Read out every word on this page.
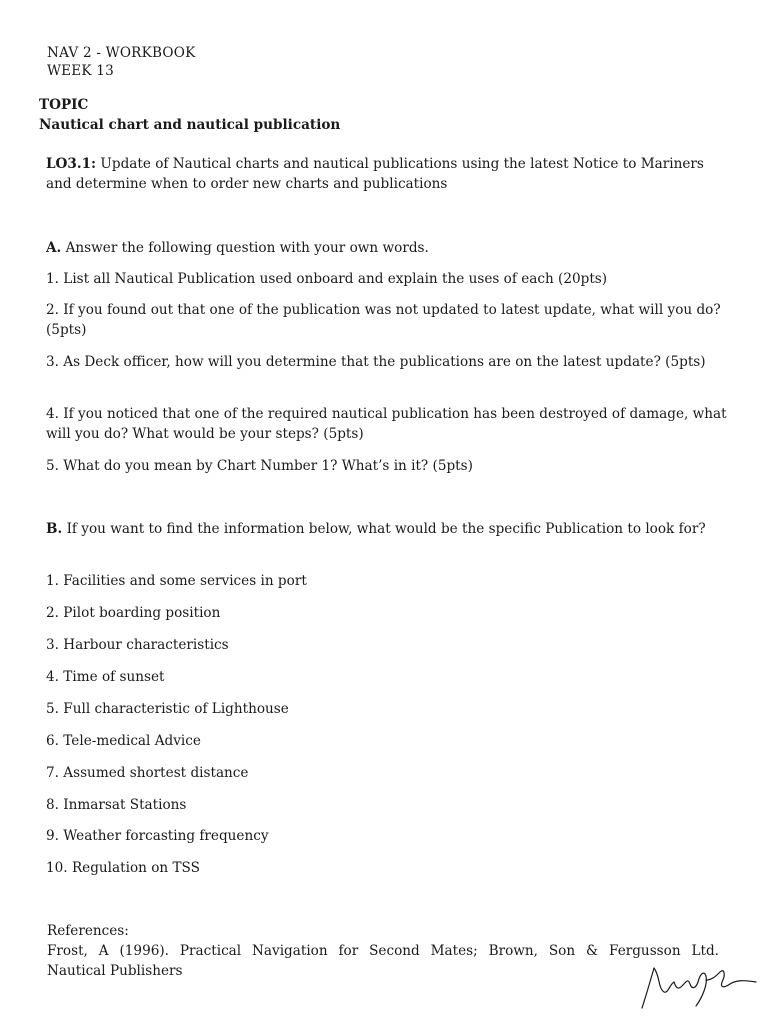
NAV 2 - WORKBOOK
WEEK 13
TOPIC
Nautical chart and nautical publication
LO3.1: Update of Nautical charts and nautical publications using the latest Notice to Mariners and determine when to order new charts and publications
A. Answer the following question with your own words.
1. List all Nautical Publication used onboard and explain the uses of each (20pts)
2. If you found out that one of the publication was not updated to latest update, what will you do? (5pts)
3. As Deck officer, how will you determine that the publications are on the latest update? (5pts)
4. If you noticed that one of the required nautical publication has been destroyed of damage, what will you do? What would be your steps? (5pts)
5. What do you mean by Chart Number 1? What’s in it? (5pts)
B. If you want to find the information below, what would be the specific Publication to look for?
1. Facilities and some services in port
2. Pilot boarding position
3. Harbour characteristics
4. Time of sunset
5. Full characteristic of Lighthouse
6. Tele-medical Advice
7. Assumed shortest distance
8. Inmarsat Stations
9. Weather forcasting frequency
10. Regulation on TSS
References:
Frost, A (1996). Practical Navigation for Second Mates; Brown, Son & Fergusson Ltd.
Nautical Publishers
